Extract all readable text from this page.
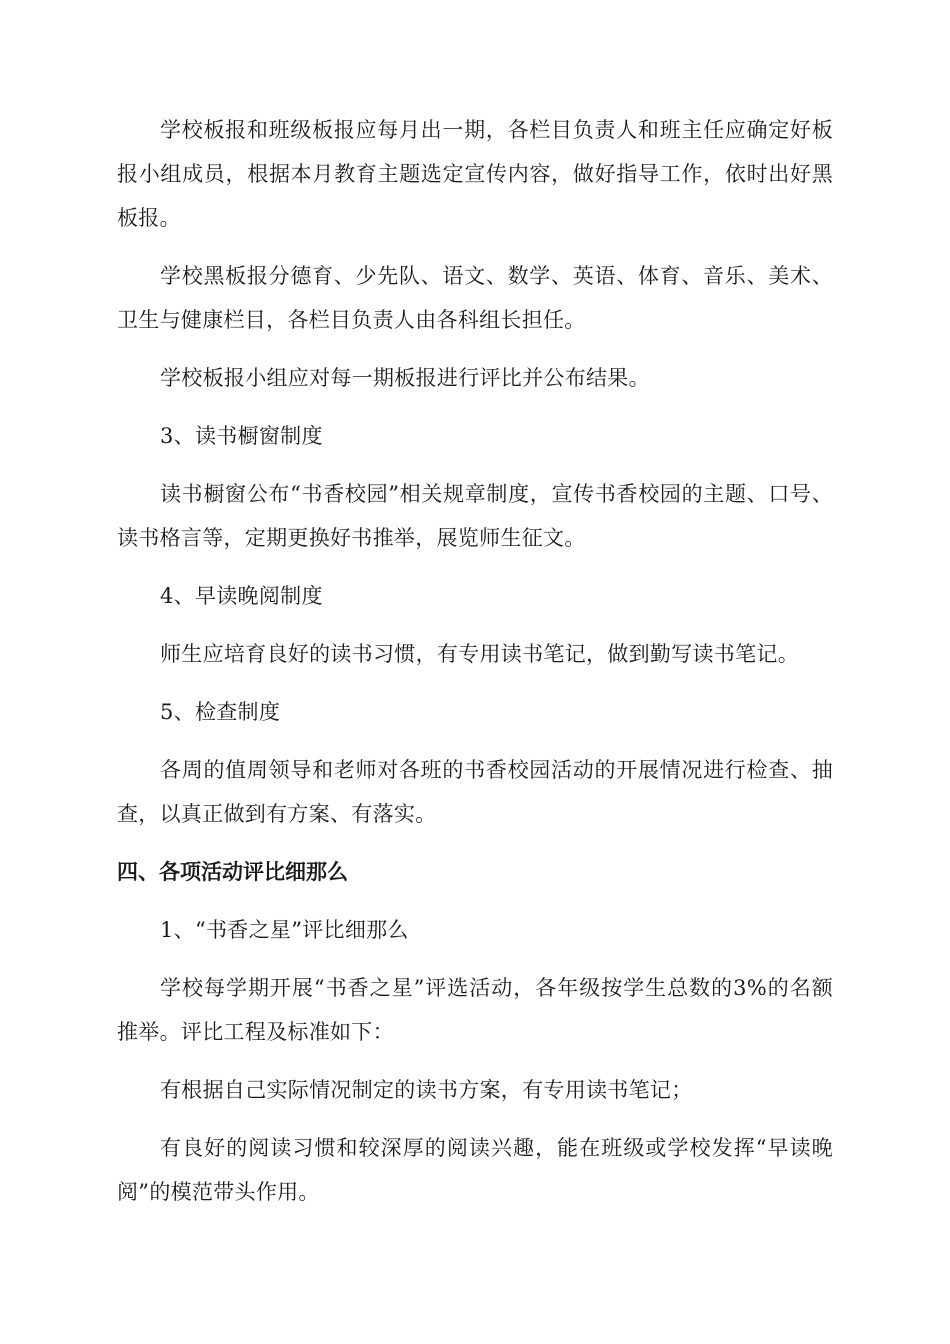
学校板报和班级板报应每月出一期，各栏目负责人和班主任应确定好板报小组成员，根据本月教育主题选定宣传内容，做好指导工作，依时出好黑板报。

学校黑板报分德育、少先队、语文、数学、英语、体育、音乐、美术、卫生与健康栏目，各栏目负责人由各科组长担任。

学校板报小组应对每一期板报进行评比并公布结果。

3、读书橱窗制度

读书橱窗公布“书香校园”相关规章制度，宣传书香校园的主题、口号、读书格言等，定期更换好书推举，展览师生征文。

4、早读晚阅制度

师生应培育良好的读书习惯，有专用读书笔记，做到勤写读书笔记。

5、检查制度

各周的值周领导和老师对各班的书香校园活动的开展情况进行检查、抽查，以真正做到有方案、有落实。

四、各项活动评比细那么

1、“书香之星”评比细那么

学校每学期开展“书香之星”评选活动，各年级按学生总数的3%的名额推举。评比工程及标准如下：

有根据自己实际情况制定的读书方案，有专用读书笔记；

有良好的阅读习惯和较深厚的阅读兴趣，能在班级或学校发挥“早读晚阅”的模范带头作用。
